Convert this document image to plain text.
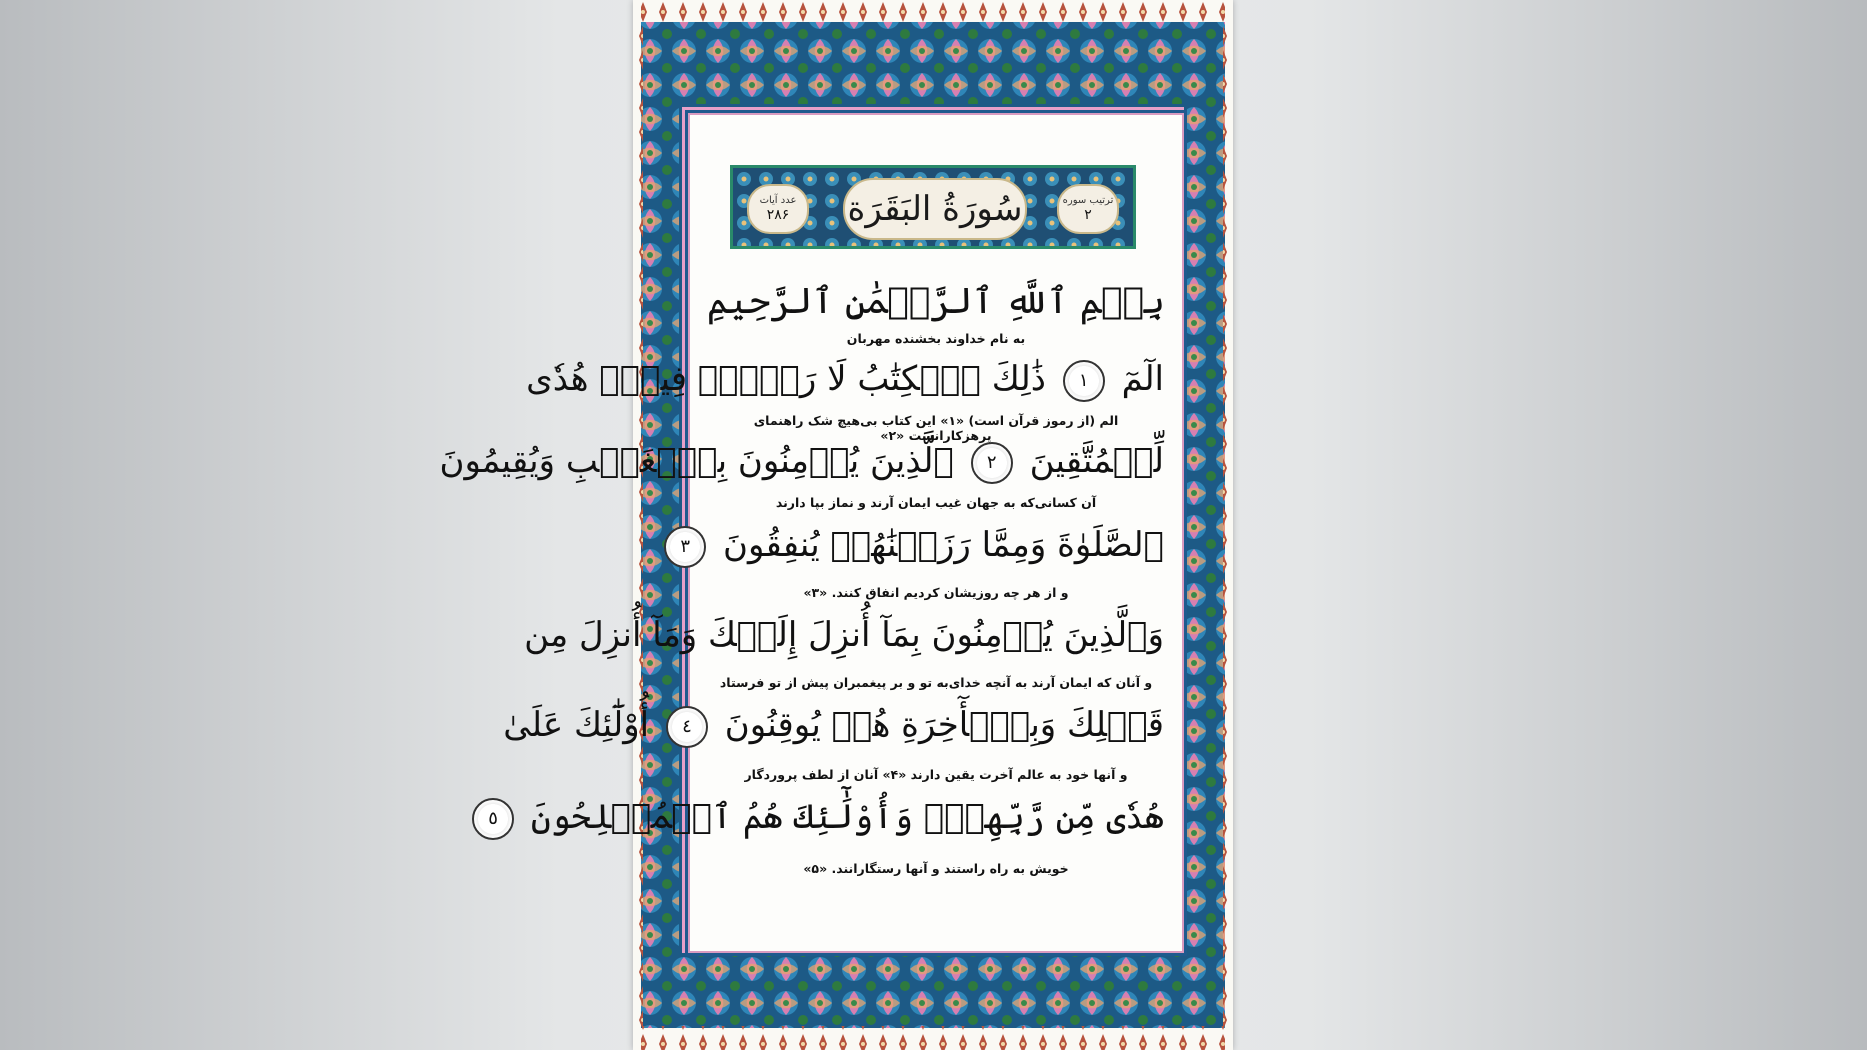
سُورَةُ البَقَرَة	ترتیب سوره
۲
عدد آیات
۲۸۶
بِسۡمِ ٱللَّهِ ٱلرَّحۡمَٰنِ ٱلرَّحِيمِ
به نام خداوند بخشنده مهربان
الٓمٓ ١ ذَٰلِكَ ٱلۡكِتَٰبُ لَا رَيۡبَۛ فِيهِۛ هُدٗى
الم (از رموز قرآن است) «۱» این کتاب بی‌هیچ شک راهنمای پرهزکارانست «۲»
لِّلۡمُتَّقِينَ ٢ ٱلَّذِينَ يُؤۡمِنُونَ بِٱلۡغَيۡبِ وَيُقِيمُونَ
آن کسانی‌که به جهان غیب ایمان آرند و نماز بپا دارند
ٱلصَّلَوٰةَ وَمِمَّا رَزَقۡنَٰهُمۡ يُنفِقُونَ ٣
و از هر چه روزیشان کردیم انفاق کنند. «۳»
وَٱلَّذِينَ يُؤۡمِنُونَ بِمَآ أُنزِلَ إِلَيۡكَ وَمَآ أُنزِلَ مِن
و آنان که ایمان آرند به آنچه خدای‌به تو و بر پیغمبران پیش از تو فرستاد
قَبۡلِكَ وَبِٱلۡأٓخِرَةِ هُمۡ يُوقِنُونَ ٤ أُوْلَٰٓئِكَ عَلَىٰ
و آنها خود به عالم آخرت یقین دارند «۴» آنان از لطف پروردگار
هُدٗى مِّن رَّبِّهِمۡۖ وَأُوْلَٰٓئِكَ هُمُ ٱلۡمُفۡلِحُونَ ٥
خویش به راه راستند و آنها رستگارانند. «۵»
